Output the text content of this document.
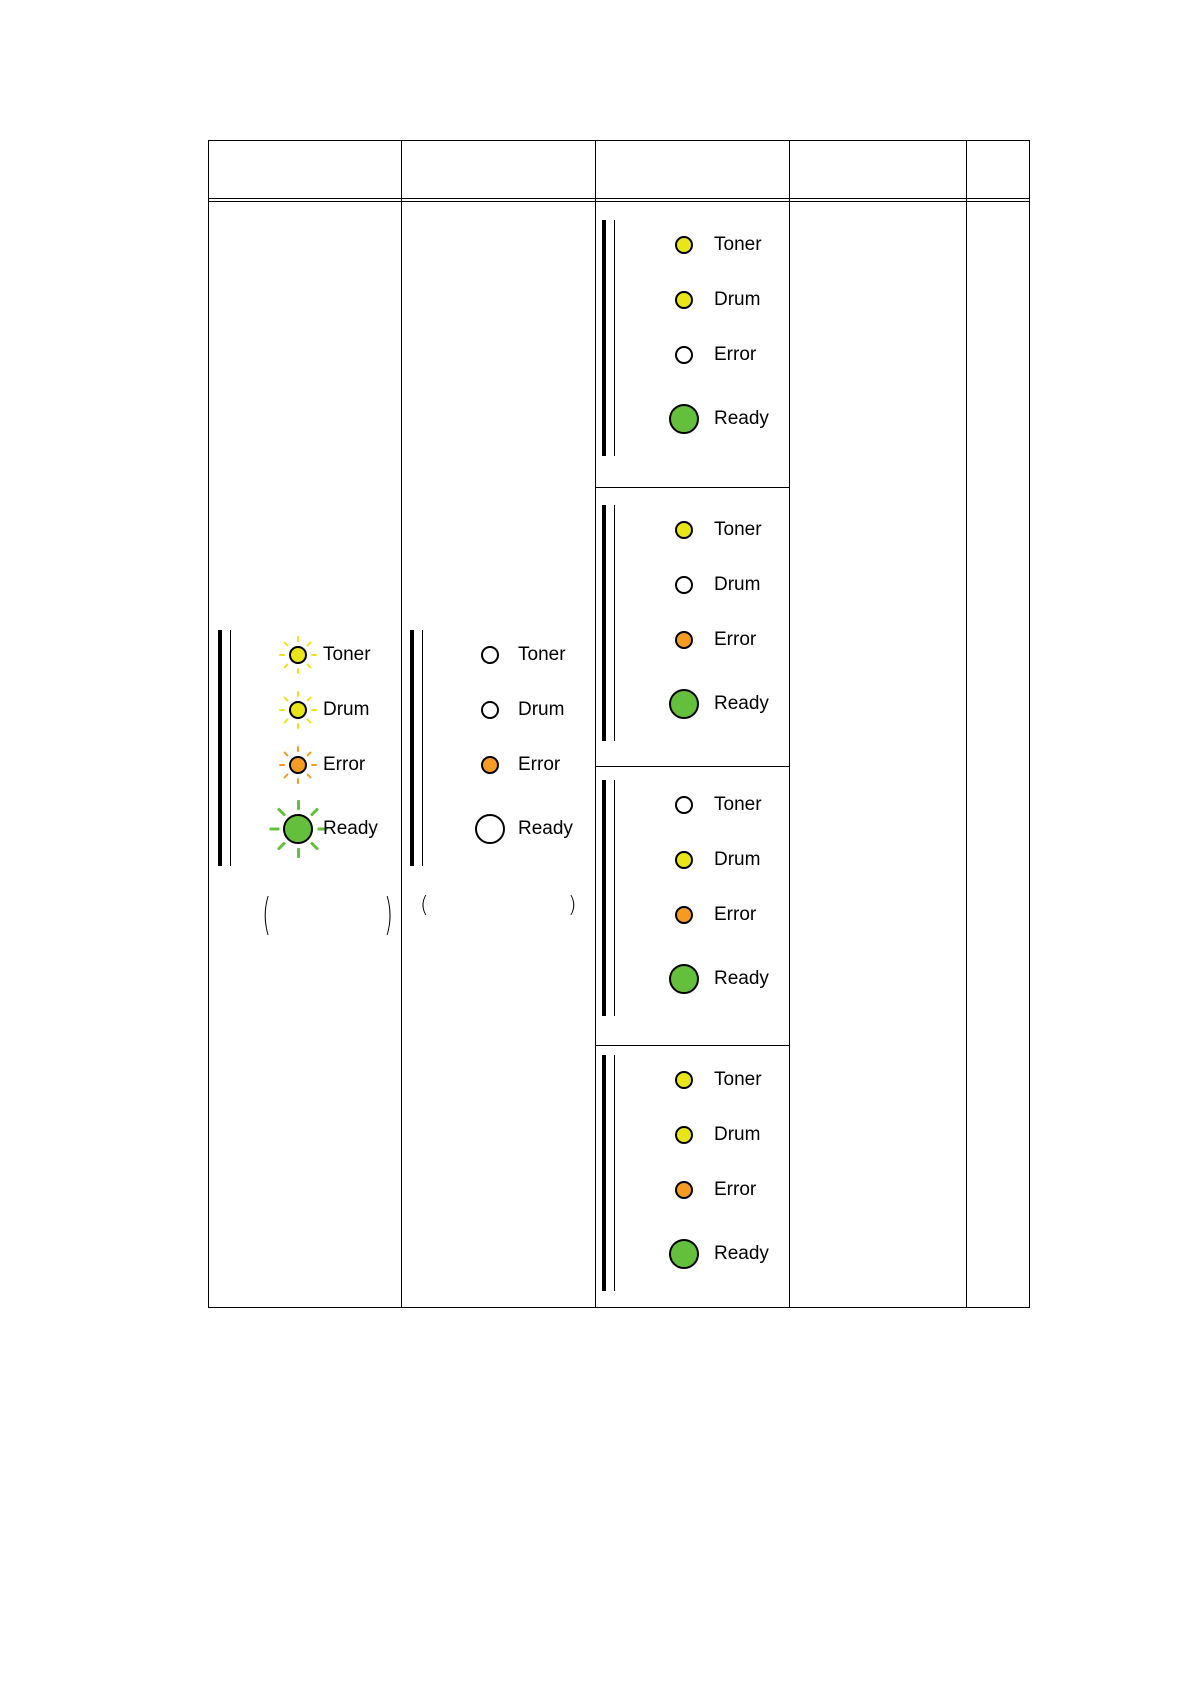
Toner
Drum
Error
Ready
Toner
Drum
Error
Ready
Toner
Drum
Error
Ready
Toner
Drum
Error
Ready
Toner
Drum
Error
Ready
Toner
Drum
Error
Ready
(	) (	)
